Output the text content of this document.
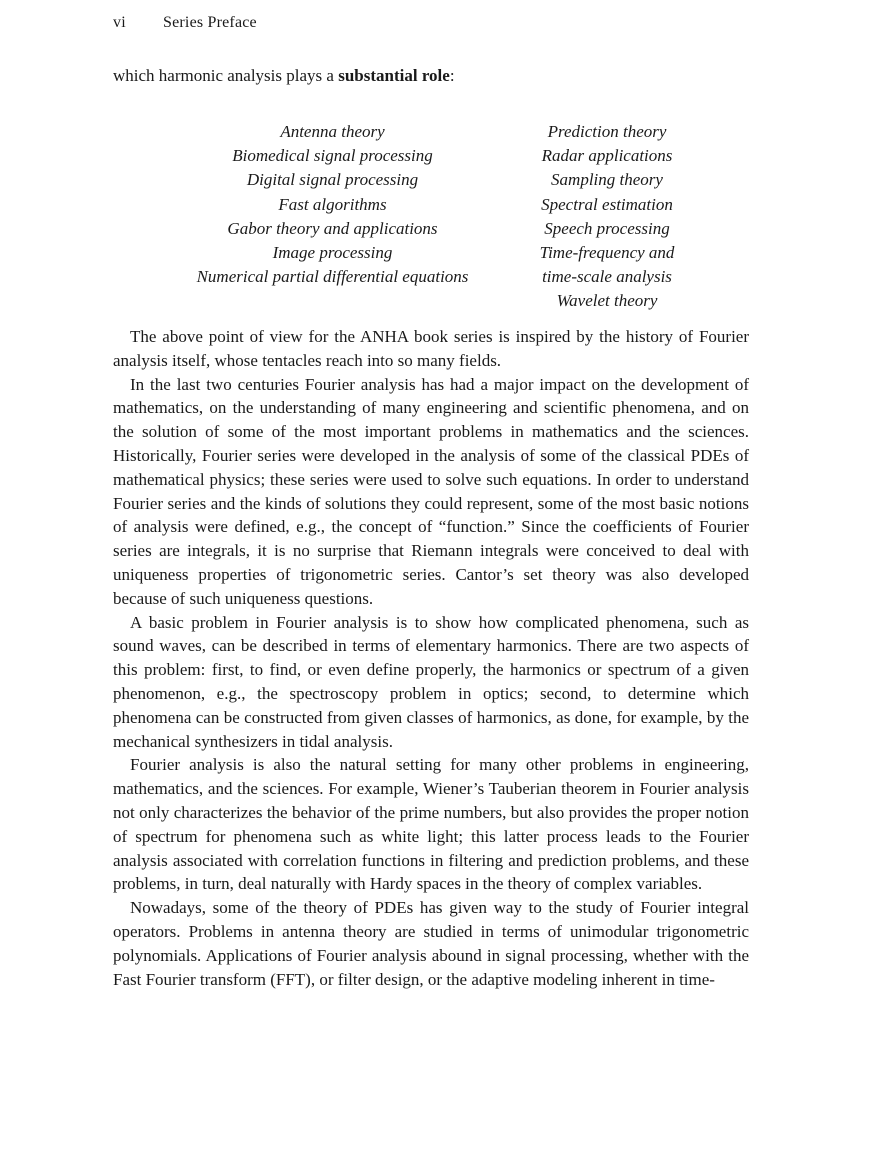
vi Series Preface
which harmonic analysis plays a substantial role:
Antenna theory
Biomedical signal processing
Digital signal processing
Fast algorithms
Gabor theory and applications
Image processing
Numerical partial differential equations
Prediction theory
Radar applications
Sampling theory
Spectral estimation
Speech processing
Time-frequency and
time-scale analysis
Wavelet theory

The above point of view for the ANHA book series is inspired by the history of Fourier analysis itself, whose tentacles reach into so many fields.

In the last two centuries Fourier analysis has had a major impact on the development of mathematics, on the understanding of many engineering and scientific phenomena, and on the solution of some of the most important problems in mathematics and the sciences. Historically, Fourier series were developed in the analysis of some of the classical PDEs of mathematical physics; these series were used to solve such equations. In order to understand Fourier series and the kinds of solutions they could represent, some of the most basic notions of analysis were defined, e.g., the concept of “function.” Since the coefficients of Fourier series are integrals, it is no surprise that Riemann integrals were conceived to deal with uniqueness properties of trigonometric series. Cantor’s set theory was also developed because of such uniqueness questions.

A basic problem in Fourier analysis is to show how complicated phenomena, such as sound waves, can be described in terms of elementary harmonics. There are two aspects of this problem: first, to find, or even define properly, the harmonics or spectrum of a given phenomenon, e.g., the spectroscopy problem in optics; second, to determine which phenomena can be constructed from given classes of harmonics, as done, for example, by the mechanical synthesizers in tidal analysis.

Fourier analysis is also the natural setting for many other problems in engineering, mathematics, and the sciences. For example, Wiener’s Tauberian theorem in Fourier analysis not only characterizes the behavior of the prime numbers, but also provides the proper notion of spectrum for phenomena such as white light; this latter process leads to the Fourier analysis associated with correlation functions in filtering and prediction problems, and these problems, in turn, deal naturally with Hardy spaces in the theory of complex variables.

Nowadays, some of the theory of PDEs has given way to the study of Fourier integral operators. Problems in antenna theory are studied in terms of unimodular trigonometric polynomials. Applications of Fourier analysis abound in signal processing, whether with the Fast Fourier transform (FFT), or filter design, or the adaptive modeling inherent in time-
